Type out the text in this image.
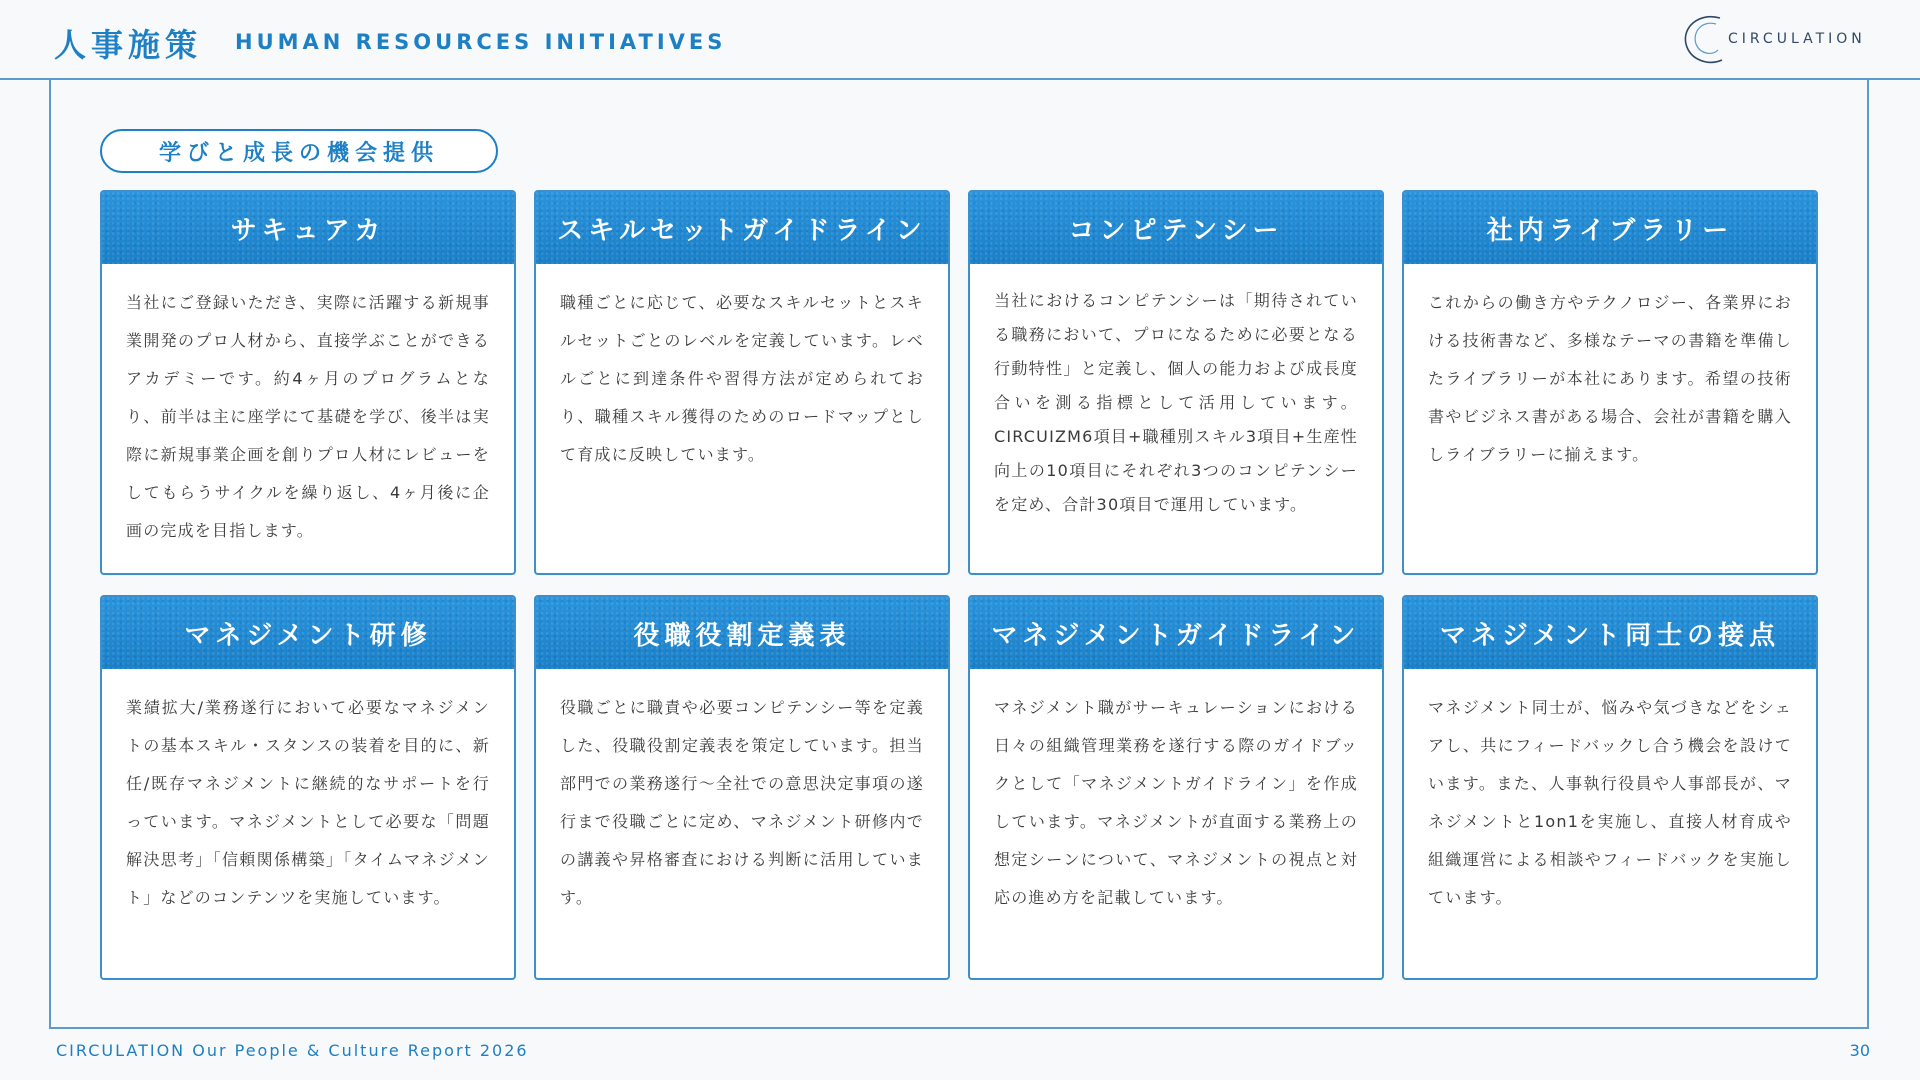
人事施策 HUMAN RESOURCES INITIATIVES	CIRCULATION
学びと成長の機会提供
サキュアカ
当社にご登録いただき、実際に活躍する新規事業開発のプロ人材から、直接学ぶことができるアカデミーです。約4ヶ月のプログラムとなり、前半は主に座学にて基礎を学び、後半は実際に新規事業企画を創りプロ人材にレビューをしてもらうサイクルを繰り返し、4ヶ月後に企画の完成を目指します。
スキルセットガイドライン
職種ごとに応じて、必要なスキルセットとスキルセットごとのレベルを定義しています。レベルごとに到達条件や習得方法が定められており、職種スキル獲得のためのロードマップとして育成に反映しています。
コンピテンシー
当社におけるコンピテンシーは「期待されている職務において、プロになるために必要となる行動特性」と定義し、個人の能力および成長度合いを測る指標として活用しています。CIRCUIZM6項目+職種別スキル3項目+生産性向上の10項目にそれぞれ3つのコンピテンシーを定め、合計30項目で運用しています。
社内ライブラリー
これからの働き方やテクノロジー、各業界における技術書など、多様なテーマの書籍を準備したライブラリーが本社にあります。希望の技術書やビジネス書がある場合、会社が書籍を購入しライブラリーに揃えます。
マネジメント研修
業績拡大/業務遂行において必要なマネジメントの基本スキル・スタンスの装着を目的に、新任/既存マネジメントに継続的なサポートを行っています。マネジメントとして必要な「問題解決思考」「信頼関係構築」「タイムマネジメント」などのコンテンツを実施しています。
役職役割定義表
役職ごとに職責や必要コンピテンシー等を定義した、役職役割定義表を策定しています。担当部門での業務遂行～全社での意思決定事項の遂行まで役職ごとに定め、マネジメント研修内での講義や昇格審査における判断に活用しています。
マネジメントガイドライン
マネジメント職がサーキュレーションにおける日々の組織管理業務を遂行する際のガイドブックとして「マネジメントガイドライン」を作成しています。マネジメントが直面する業務上の想定シーンについて、マネジメントの視点と対応の進め方を記載しています。
マネジメント同士の接点
マネジメント同士が、悩みや気づきなどをシェアし、共にフィードバックし合う機会を設けています。また、人事執行役員や人事部長が、マネジメントと1on1を実施し、直接人材育成や組織運営による相談やフィードバックを実施しています。
CIRCULATION Our People & Culture Report 2026	30
